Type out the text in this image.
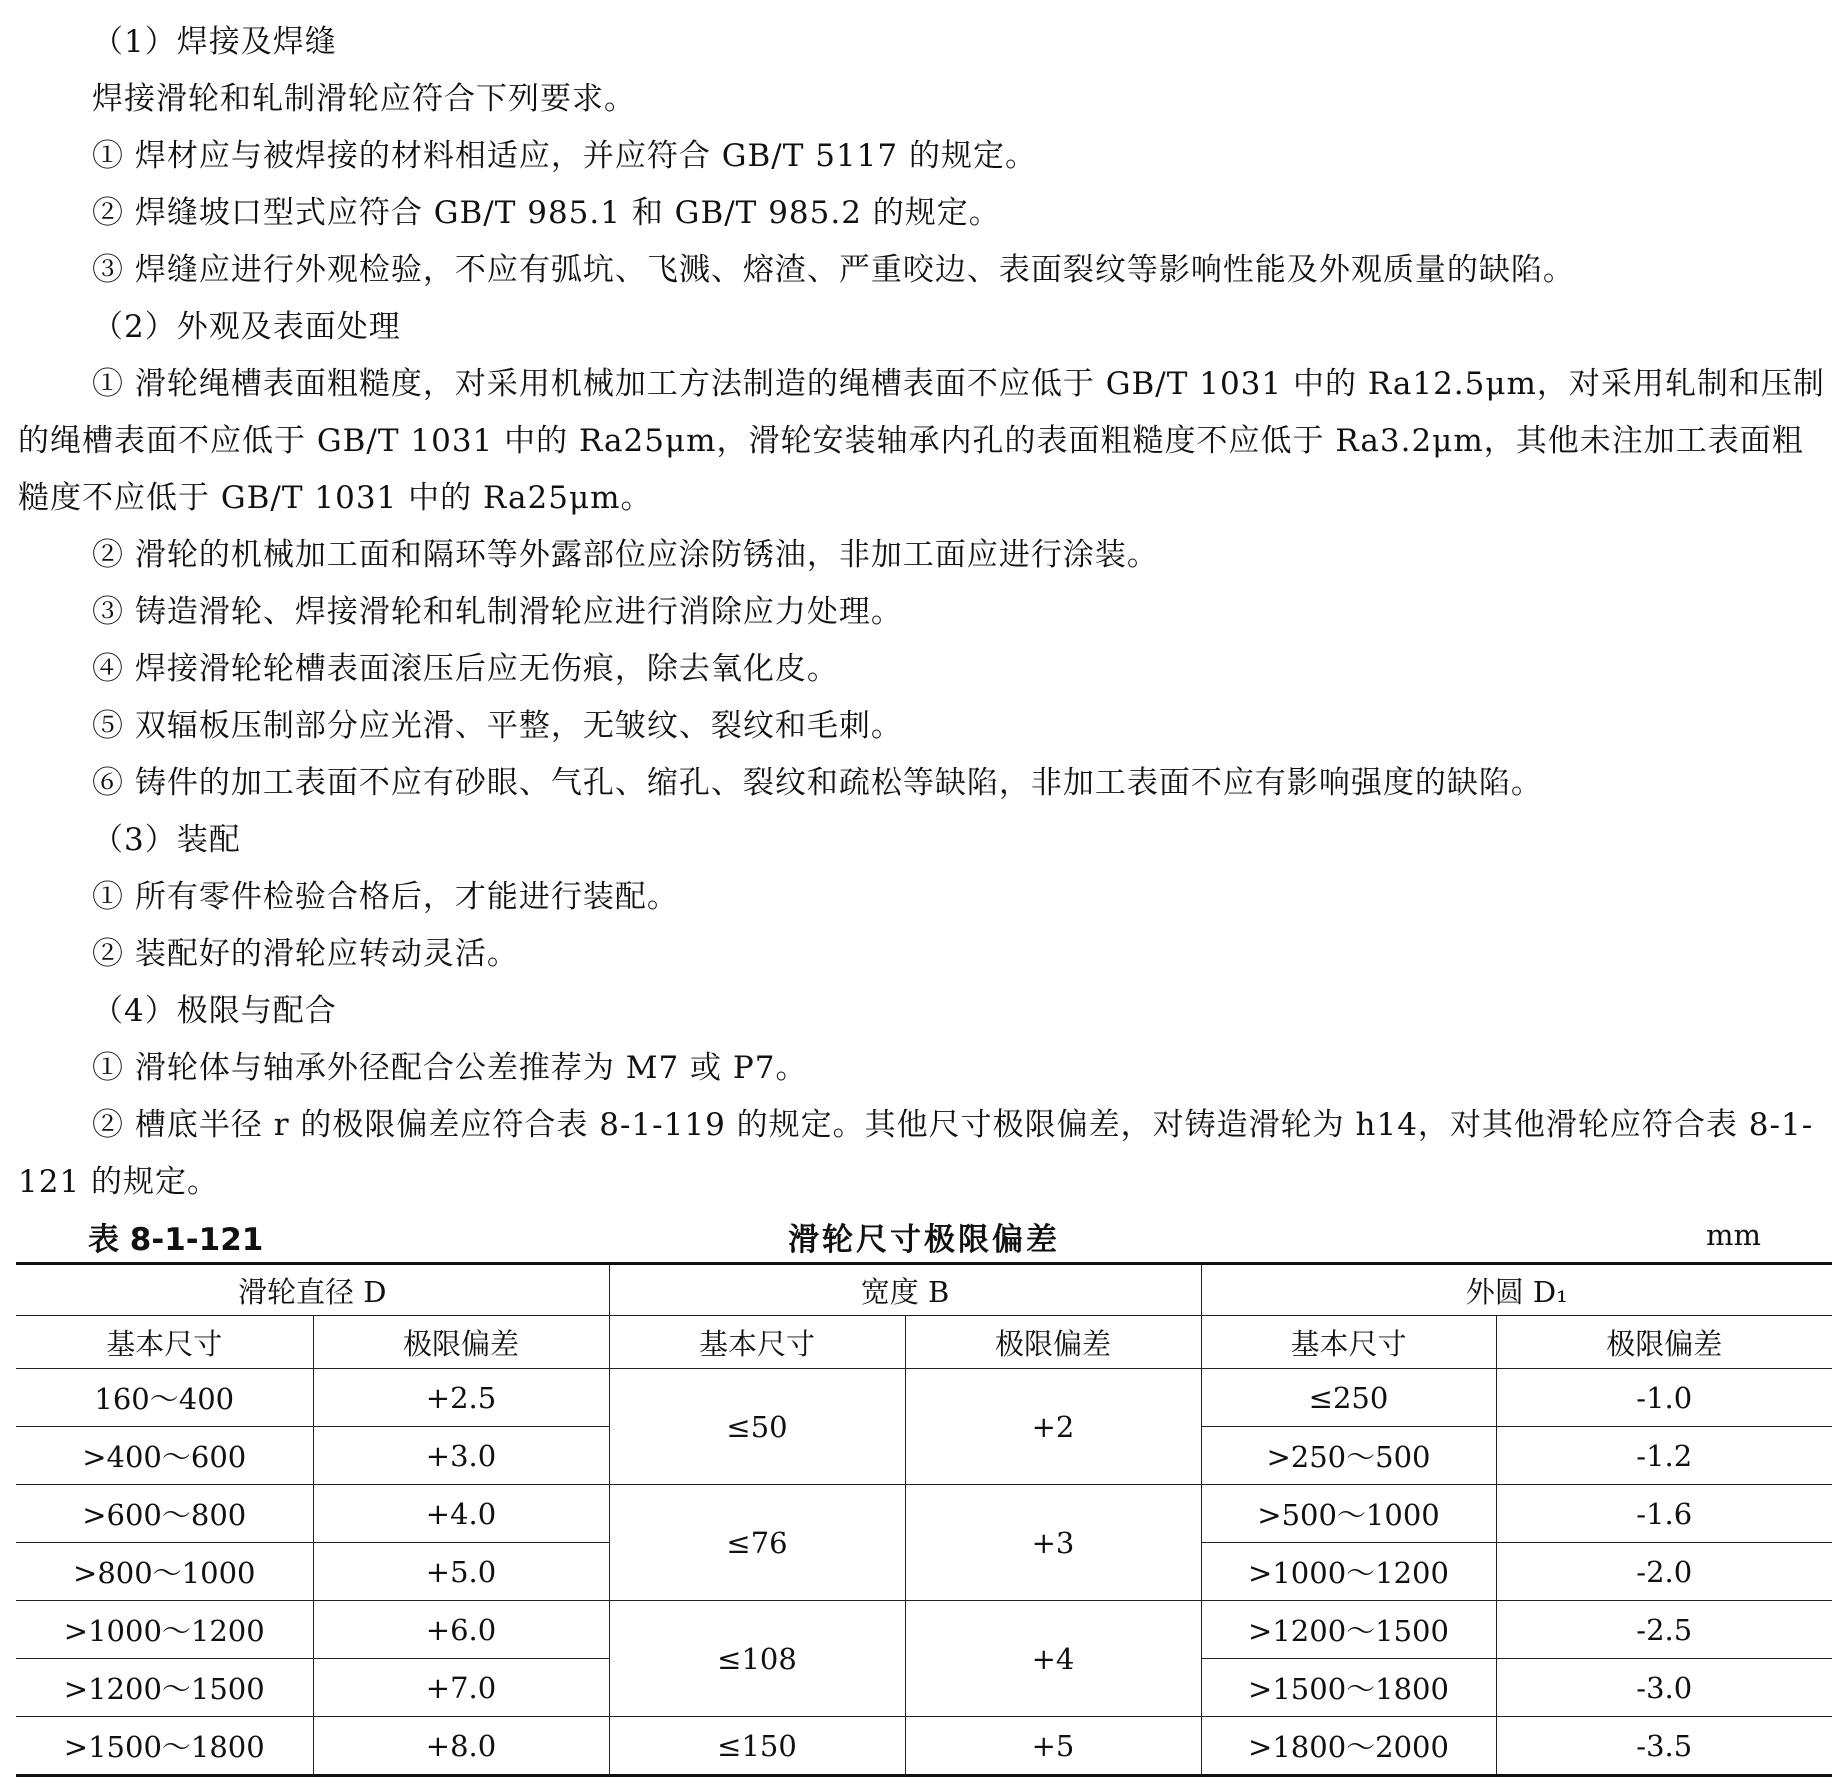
（1）焊接及焊缝

焊接滑轮和轧制滑轮应符合下列要求。

① 焊材应与被焊接的材料相适应，并应符合 GB/T 5117 的规定。

② 焊缝坡口型式应符合 GB/T 985.1 和 GB/T 985.2 的规定。

③ 焊缝应进行外观检验，不应有弧坑、飞溅、熔渣、严重咬边、表面裂纹等影响性能及外观质量的缺陷。

（2）外观及表面处理

① 滑轮绳槽表面粗糙度，对采用机械加工方法制造的绳槽表面不应低于 GB/T 1031 中的 Ra12.5μm，对采用轧制和压制的绳槽表面不应低于 GB/T 1031 中的 Ra25μm，滑轮安装轴承内孔的表面粗糙度不应低于 Ra3.2μm，其他未注加工表面粗糙度不应低于 GB/T 1031 中的 Ra25μm。

② 滑轮的机械加工面和隔环等外露部位应涂防锈油，非加工面应进行涂装。

③ 铸造滑轮、焊接滑轮和轧制滑轮应进行消除应力处理。

④ 焊接滑轮轮槽表面滚压后应无伤痕，除去氧化皮。

⑤ 双辐板压制部分应光滑、平整，无皱纹、裂纹和毛刺。

⑥ 铸件的加工表面不应有砂眼、气孔、缩孔、裂纹和疏松等缺陷，非加工表面不应有影响强度的缺陷。

（3）装配

① 所有零件检验合格后，才能进行装配。

② 装配好的滑轮应转动灵活。

（4）极限与配合

① 滑轮体与轴承外径配合公差推荐为 M7 或 P7。

② 槽底半径 r 的极限偏差应符合表 8-1-119 的规定。其他尺寸极限偏差，对铸造滑轮为 h14，对其他滑轮应符合表 8-1-121 的规定。

表 8-1-121	滑轮尺寸极限偏差	mm
滑轮直径 D		宽度 B		外圆 D₁	
基本尺寸	极限偏差	基本尺寸	极限偏差	基本尺寸	极限偏差
160～400	+2.5	≤50	+2	≤250	-1.0
>400～600	+3.0			>250～500	-1.2
>600～800	+4.0	≤76	+3	>500～1000	-1.6
>800～1000	+5.0			>1000～1200	-2.0
>1000～1200	+6.0	≤108	+4	>1200～1500	-2.5
>1200～1500	+7.0			>1500～1800	-3.0
>1500～1800	+8.0	≤150	+5	>1800～2000	-3.5
